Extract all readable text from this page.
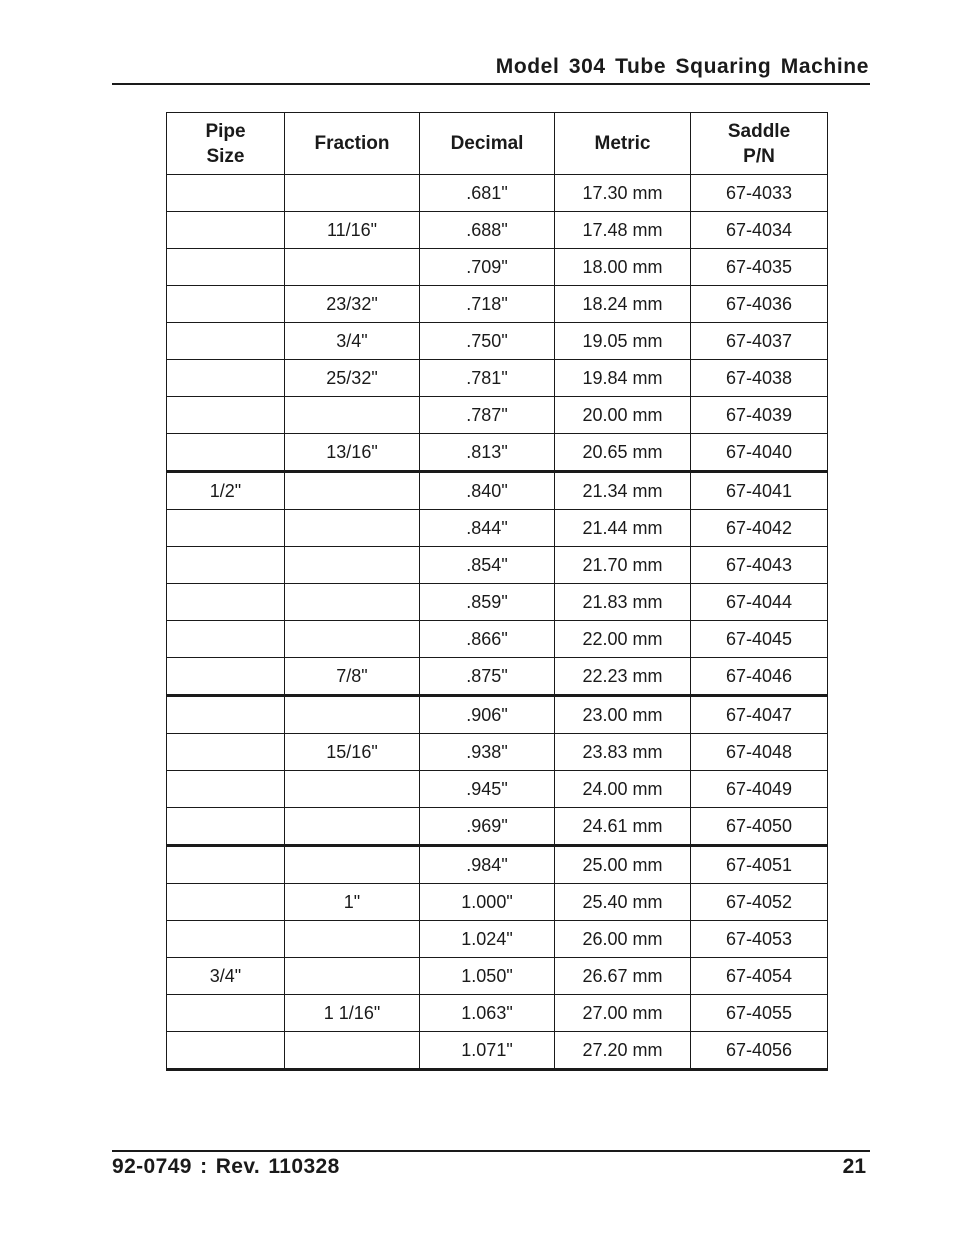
Model 304 Tube Squaring Machine
Pipe Size	Fraction	Decimal	Metric	Saddle P/N
		.681"	17.30 mm	67-4033
	11/16"	.688"	17.48 mm	67-4034
		.709"	18.00 mm	67-4035
	23/32"	.718"	18.24 mm	67-4036
	3/4"	.750"	19.05 mm	67-4037
	25/32"	.781"	19.84 mm	67-4038
		.787"	20.00 mm	67-4039
	13/16"	.813"	20.65 mm	67-4040
1/2"		.840"	21.34 mm	67-4041
		.844"	21.44 mm	67-4042
		.854"	21.70 mm	67-4043
		.859"	21.83 mm	67-4044
		.866"	22.00 mm	67-4045
	7/8"	.875"	22.23 mm	67-4046
		.906"	23.00 mm	67-4047
	15/16"	.938"	23.83 mm	67-4048
		.945"	24.00 mm	67-4049
		.969"	24.61 mm	67-4050
		.984"	25.00 mm	67-4051
	1"	1.000"	25.40 mm	67-4052
		1.024"	26.00 mm	67-4053
3/4"		1.050"	26.67 mm	67-4054
	1 1/16"	1.063"	27.00 mm	67-4055
		1.071"	27.20 mm	67-4056
92-0749 : Rev. 110328	21
